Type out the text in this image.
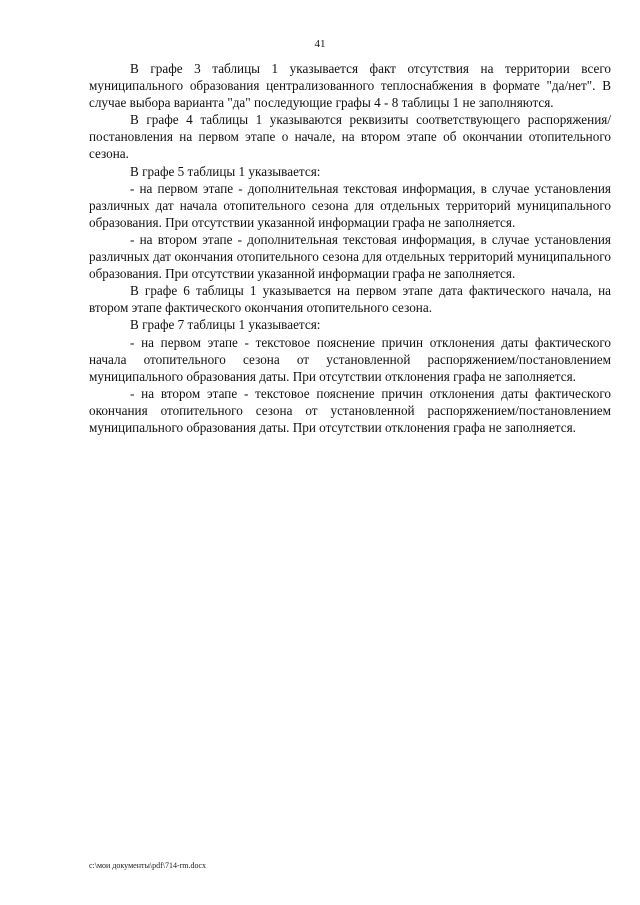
41

В графе 3 таблицы 1 указывается факт отсутствия на территории всего муниципального образования централизованного теплоснабжения в формате "да/нет". В случае выбора варианта "да" последующие графы 4 - 8 таблицы 1 не заполняются.

В графе 4 таблицы 1 указываются реквизиты соответствующего распоряжения/постановления на первом этапе о начале, на втором этапе об окончании отопительного сезона.

В графе 5 таблицы 1 указывается:

- на первом этапе - дополнительная текстовая информация, в случае установления различных дат начала отопительного сезона для отдельных территорий муниципального образования. При отсутствии указанной информации графа не заполняется.

- на втором этапе - дополнительная текстовая информация, в случае установления различных дат окончания отопительного сезона для отдельных территорий муниципального образования. При отсутствии указанной информации графа не заполняется.

В графе 6 таблицы 1 указывается на первом этапе дата фактического начала, на втором этапе фактического окончания отопительного сезона.

В графе 7 таблицы 1 указывается:

- на первом этапе - текстовое пояснение причин отклонения даты фактического начала отопительного сезона от установленной распоряжением/постановлением муниципального образования даты. При отсутствии отклонения графа не заполняется.

- на втором этапе - текстовое пояснение причин отклонения даты фактического окончания отопительного сезона от установленной распоряжением/постановлением муниципального образования даты. При отсутствии отклонения графа не заполняется.

c:\мои документы\pdf\714-rm.docx
